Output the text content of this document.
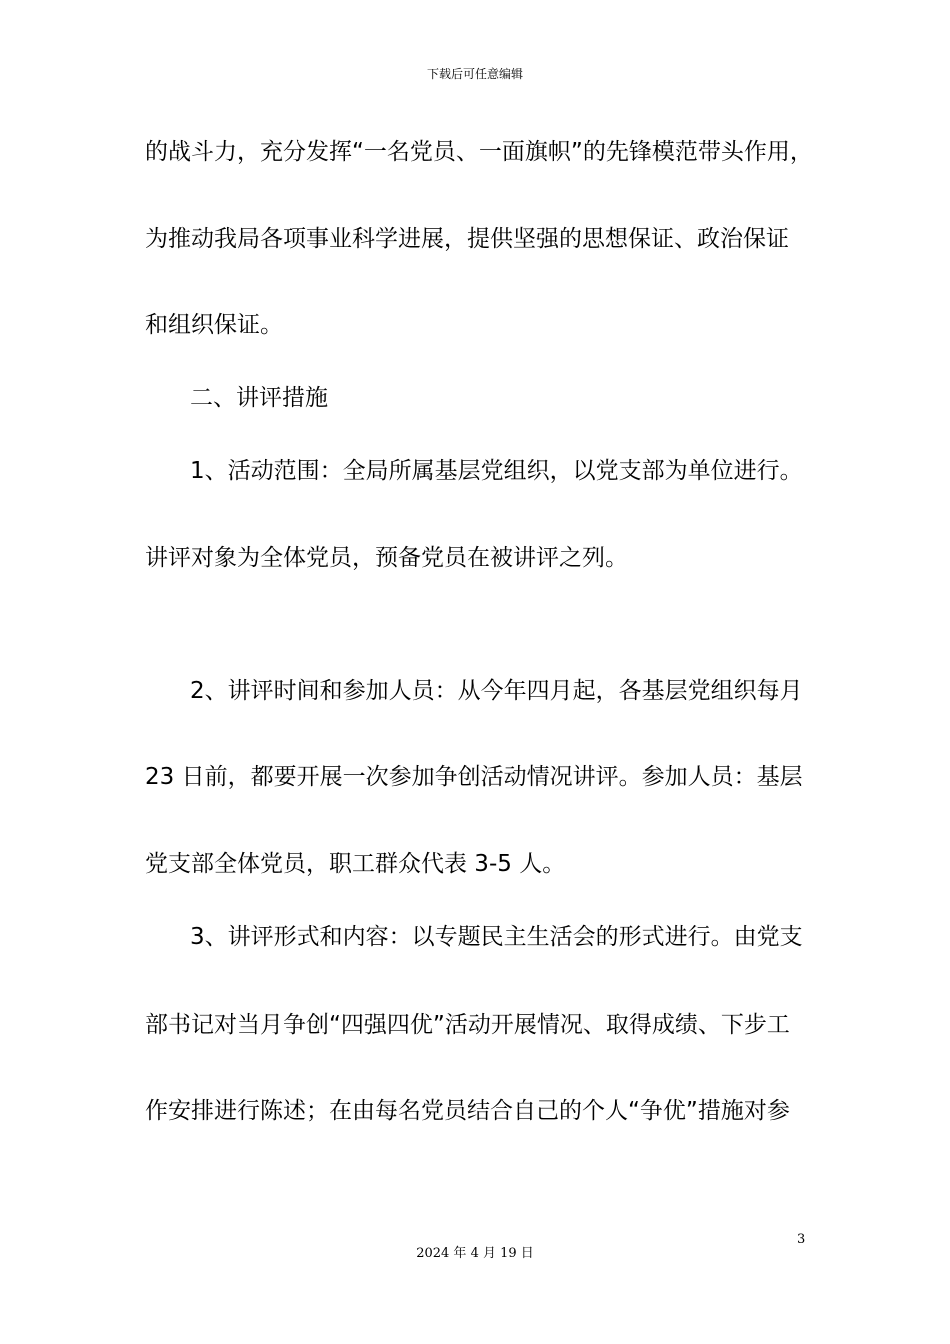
下载后可任意编辑
的战斗力，充分发挥“一名党员、一面旗帜”的先锋模范带头作用，
为推动我局各项事业科学进展，提供坚强的思想保证、政治保证
和组织保证。
二、讲评措施
1、活动范围：全局所属基层党组织，以党支部为单位进行。
讲评对象为全体党员，预备党员在被讲评之列。
2、讲评时间和参加人员：从今年四月起，各基层党组织每月
23 日前，都要开展一次参加争创活动情况讲评。参加人员：基层
党支部全体党员，职工群众代表 3-5 人。
3、讲评形式和内容：以专题民主生活会的形式进行。由党支
部书记对当月争创“四强四优”活动开展情况、取得成绩、下步工
作安排进行陈述；在由每名党员结合自己的个人“争优”措施对参
3
2024 年 4 月 19 日
